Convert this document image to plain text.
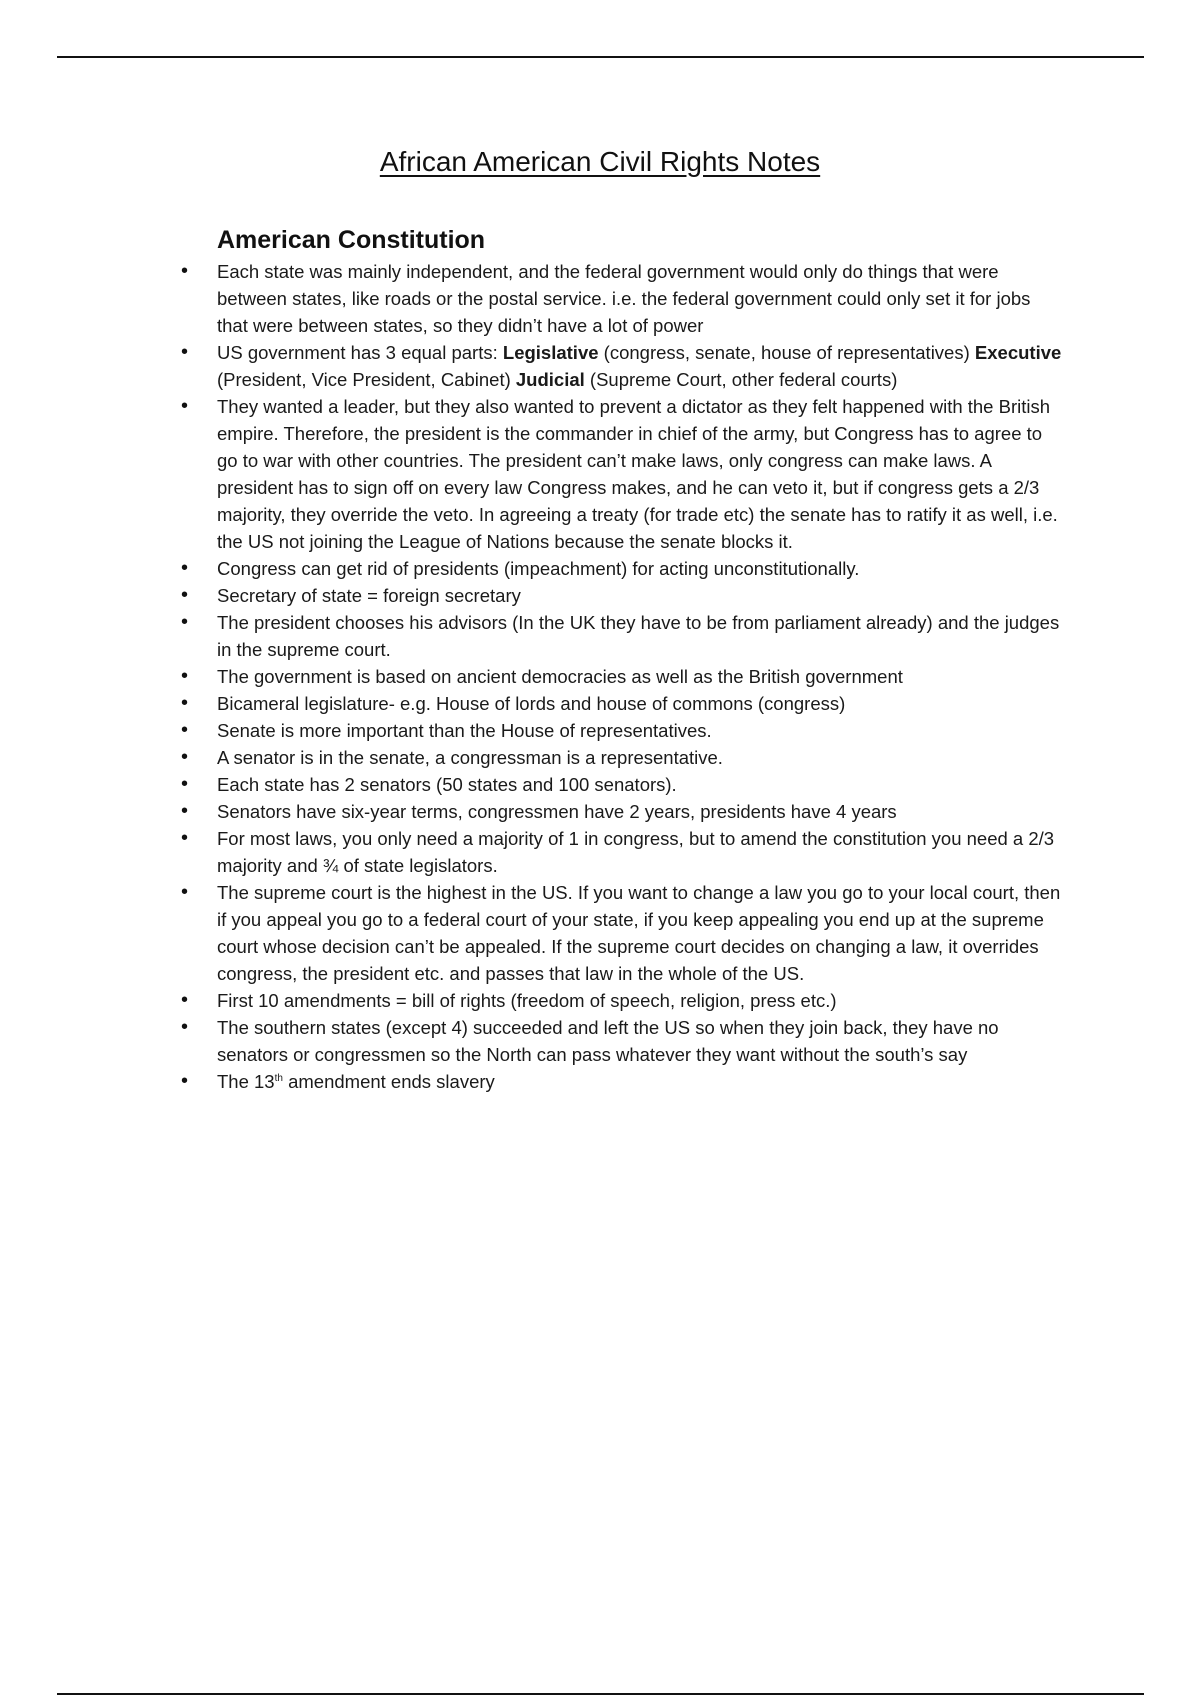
African American Civil Rights Notes
American Constitution
• Each state was mainly independent, and the federal government would only do things that were between states, like roads or the postal service. i.e. the federal government could only set it for jobs that were between states, so they didn’t have a lot of power
• US government has 3 equal parts: Legislative (congress, senate, house of representatives) Executive (President, Vice President, Cabinet) Judicial (Supreme Court, other federal courts)
• They wanted a leader, but they also wanted to prevent a dictator as they felt happened with the British empire. Therefore, the president is the commander in chief of the army, but Congress has to agree to go to war with other countries. The president can’t make laws, only congress can make laws. A president has to sign off on every law Congress makes, and he can veto it, but if congress gets a 2/3 majority, they override the veto. In agreeing a treaty (for trade etc) the senate has to ratify it as well, i.e. the US not joining the League of Nations because the senate blocks it.
• Congress can get rid of presidents (impeachment) for acting unconstitutionally.
• Secretary of state = foreign secretary
• The president chooses his advisors (In the UK they have to be from parliament already) and the judges in the supreme court.
• The government is based on ancient democracies as well as the British government
• Bicameral legislature- e.g. House of lords and house of commons (congress)
• Senate is more important than the House of representatives.
• A senator is in the senate, a congressman is a representative.
• Each state has 2 senators (50 states and 100 senators).
• Senators have six-year terms, congressmen have 2 years, presidents have 4 years
• For most laws, you only need a majority of 1 in congress, but to amend the constitution you need a 2/3 majority and ¾ of state legislators.
• The supreme court is the highest in the US. If you want to change a law you go to your local court, then if you appeal you go to a federal court of your state, if you keep appealing you end up at the supreme court whose decision can’t be appealed. If the supreme court decides on changing a law, it overrides congress, the president etc. and passes that law in the whole of the US.
• First 10 amendments = bill of rights (freedom of speech, religion, press etc.)
• The southern states (except 4) succeeded and left the US so when they join back, they have no senators or congressmen so the North can pass whatever they want without the south’s say
• The 13th amendment ends slavery
